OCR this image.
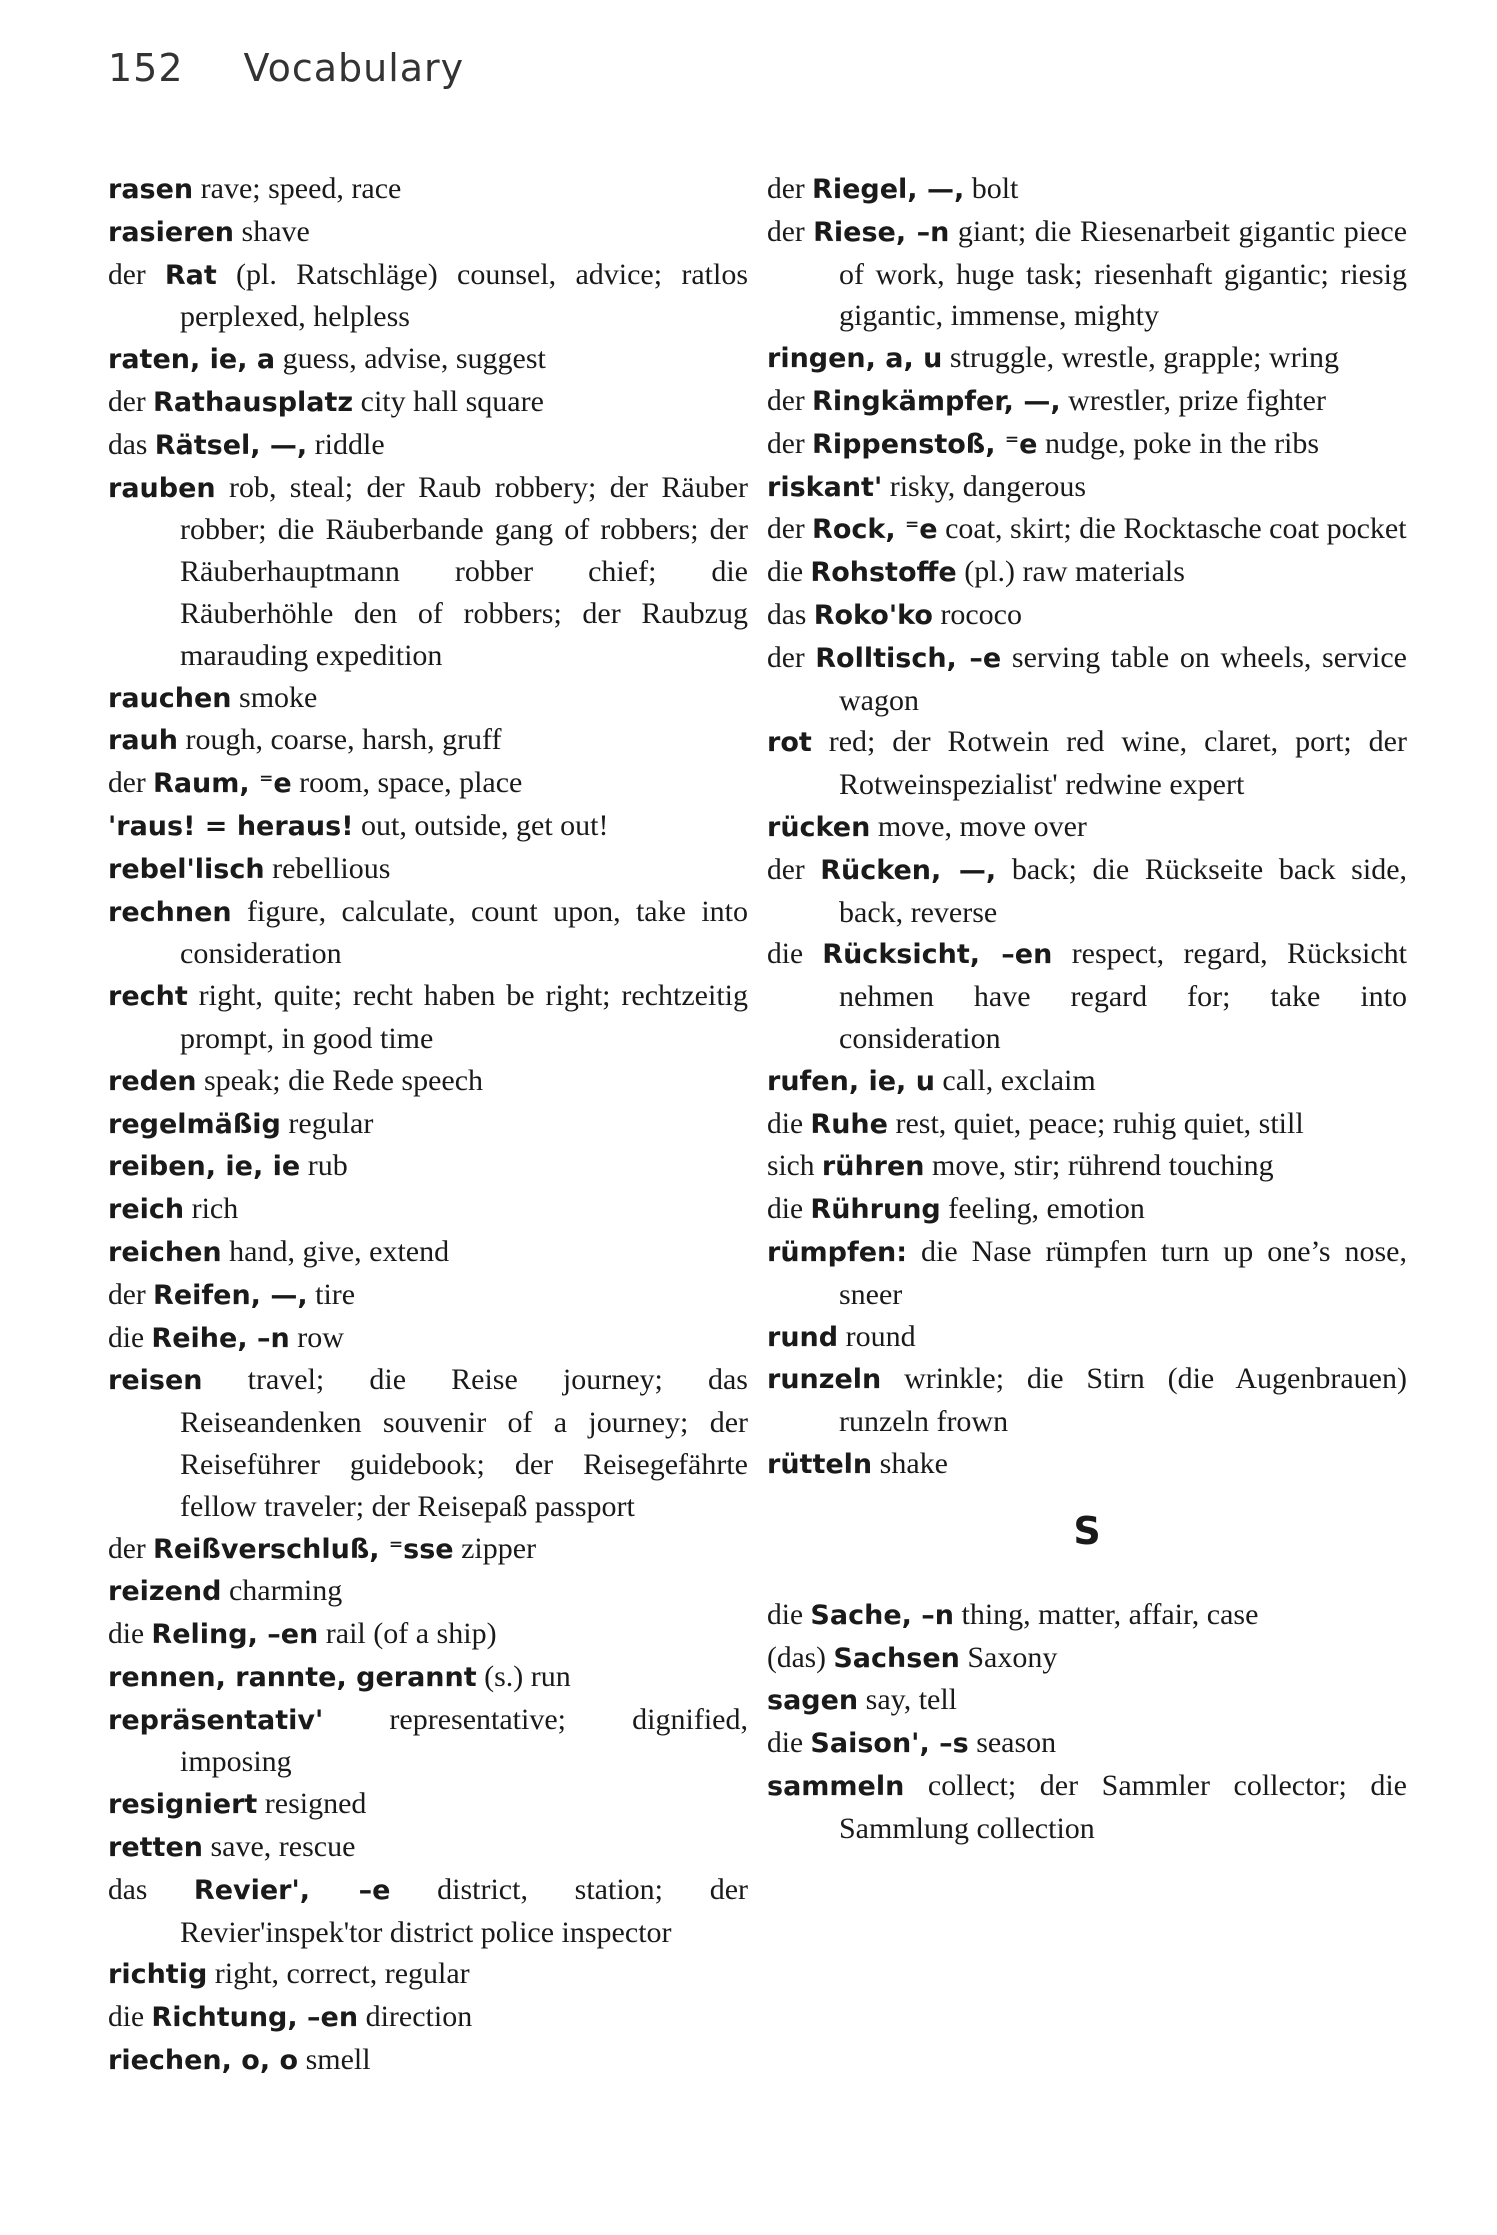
152 Vocabulary
rasen rave; speed, race
rasieren shave
der Rat (pl. Ratschläge) counsel, advice; ratlos perplexed, helpless
raten, ie, a guess, advise, suggest
der Rathausplatz city hall square
das Rätsel, —, riddle
rauben rob, steal; der Raub robbery; der Räuber robber; die Räuberbande gang of robbers; der Räuberhauptmann robber chief; die Räuberhöhle den of robbers; der Raubzug marauding expedition
rauchen smoke
rauh rough, coarse, harsh, gruff
der Raum, ⁼e room, space, place
'raus! = heraus! out, outside, get out!
rebel'lisch rebellious
rechnen figure, calculate, count upon, take into consideration
recht right, quite; recht haben be right; rechtzeitig prompt, in good time
reden speak; die Rede speech
regelmäßig regular
reiben, ie, ie rub
reich rich
reichen hand, give, extend
der Reifen, —, tire
die Reihe, –n row
reisen travel; die Reise journey; das Reiseandenken souvenir of a journey; der Reiseführer guidebook; der Reisegefährte fellow traveler; der Reisepaß passport
der Reißverschluß, ⁼sse zipper
reizend charming
die Reling, –en rail (of a ship)
rennen, rannte, gerannt (s.) run
repräsentativ' representative; dignified, imposing
resigniert resigned
retten save, rescue
das Revier', –e district, station; der Revier'inspek'tor district police inspector
richtig right, correct, regular
die Richtung, –en direction
riechen, o, o smell
der Riegel, —, bolt
der Riese, –n giant; die Riesenarbeit gigantic piece of work, huge task; riesenhaft gigantic; riesig gigantic, immense, mighty
ringen, a, u struggle, wrestle, grapple; wring
der Ringkämpfer, —, wrestler, prize fighter
der Rippenstoß, ⁼e nudge, poke in the ribs
riskant' risky, dangerous
der Rock, ⁼e coat, skirt; die Rocktasche coat pocket
die Rohstoffe (pl.) raw materials
das Roko'ko rococo
der Rolltisch, –e serving table on wheels, service wagon
rot red; der Rotwein red wine, claret, port; der Rotweinspezialist' redwine expert
rücken move, move over
der Rücken, —, back; die Rückseite back side, back, reverse
die Rücksicht, –en respect, regard, Rücksicht nehmen have regard for; take into consideration
rufen, ie, u call, exclaim
die Ruhe rest, quiet, peace; ruhig quiet, still
sich rühren move, stir; rührend touching
die Rührung feeling, emotion
rümpfen: die Nase rümpfen turn up one’s nose, sneer
rund round
runzeln wrinkle; die Stirn (die Augenbrauen) runzeln frown
rütteln shake
S
die Sache, –n thing, matter, affair, case
(das) Sachsen Saxony
sagen say, tell
die Saison', –s season
sammeln collect; der Sammler collector; die Sammlung collection
